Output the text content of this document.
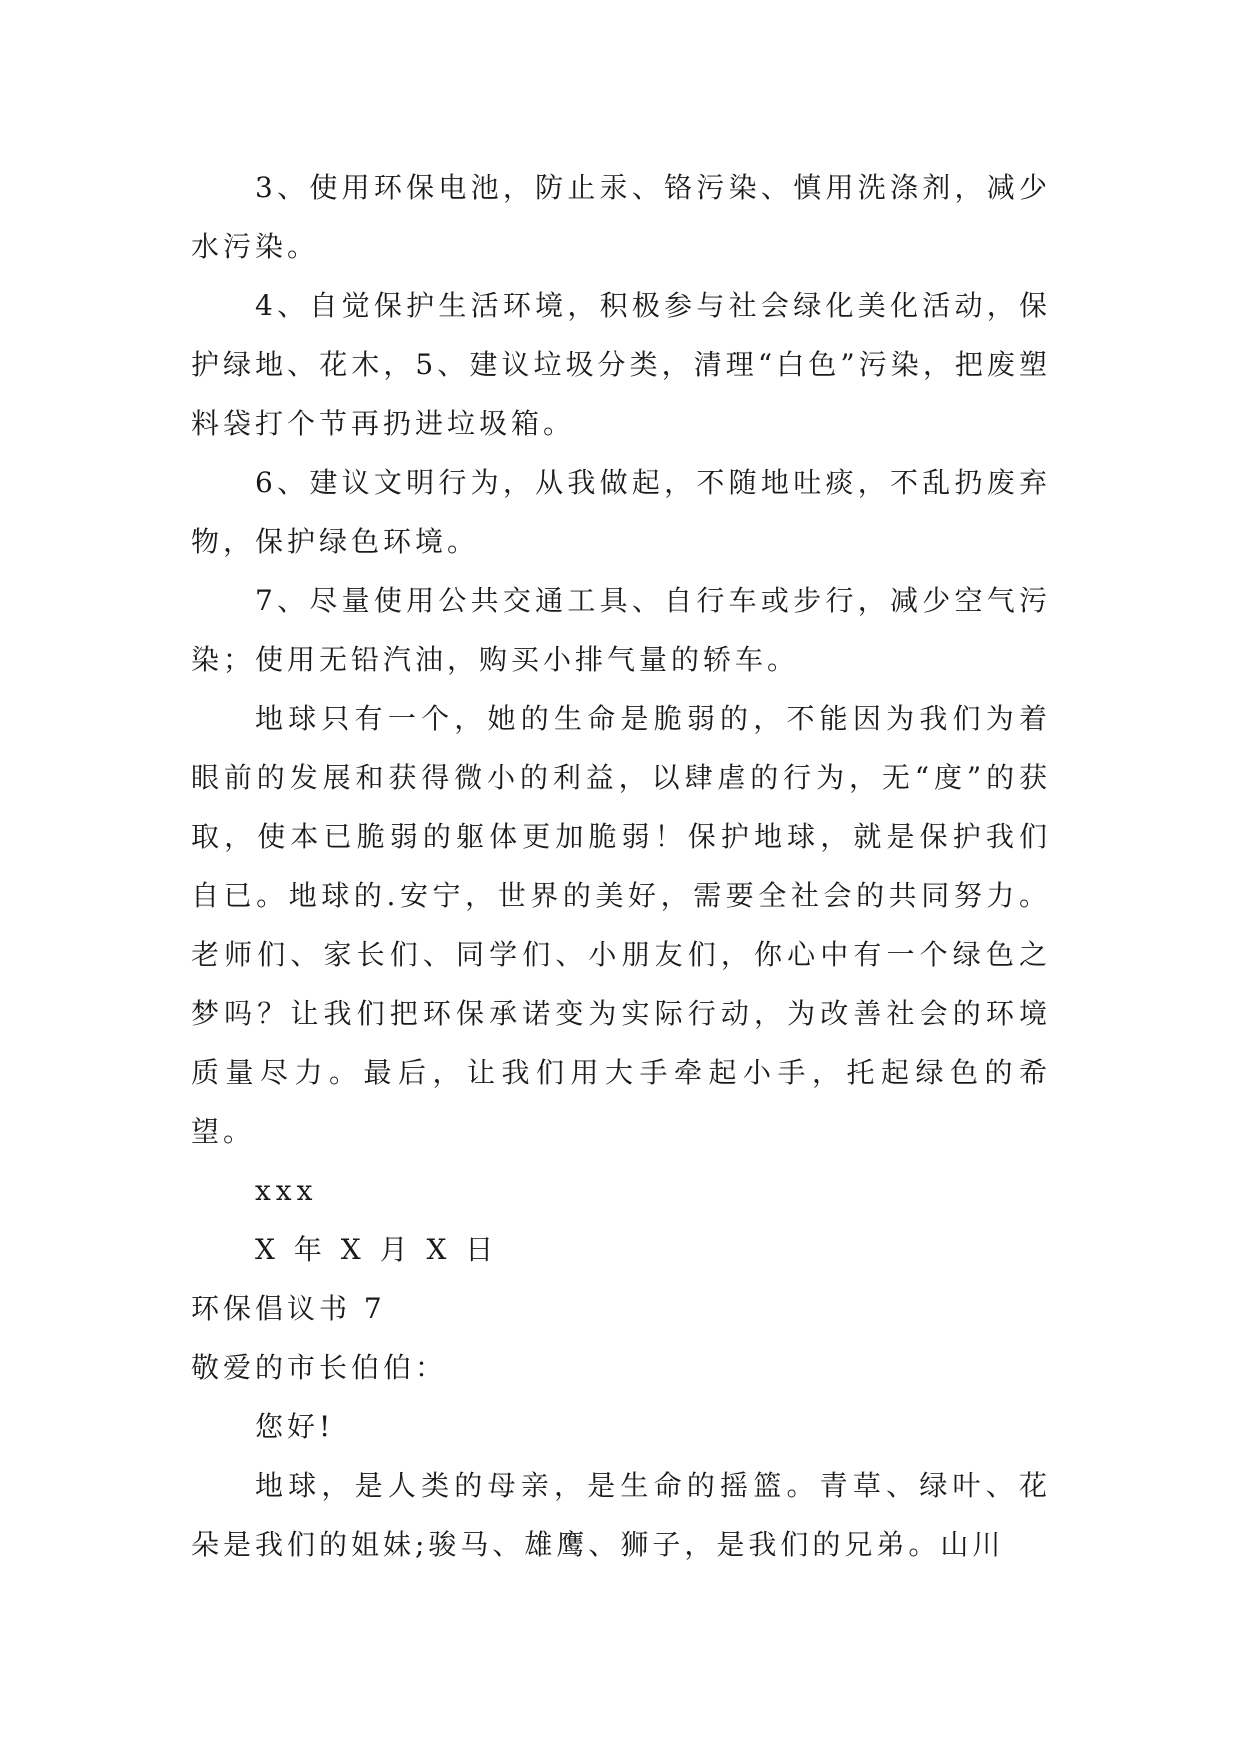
3、使用环保电池，防止汞、铬污染、慎用洗涤剂，减少水污染。

4、自觉保护生活环境，积极参与社会绿化美化活动，保护绿地、花木，5、建议垃圾分类，清理“白色”污染，把废塑料袋打个节再扔进垃圾箱。

6、建议文明行为，从我做起，不随地吐痰，不乱扔废弃物，保护绿色环境。

7、尽量使用公共交通工具、自行车或步行，减少空气污染；使用无铅汽油，购买小排气量的轿车。

地球只有一个，她的生命是脆弱的，不能因为我们为着眼前的发展和获得微小的利益，以肆虐的行为，无“度”的获取，使本已脆弱的躯体更加脆弱！保护地球，就是保护我们自已。地球的.安宁，世界的美好，需要全社会的共同努力。老师们、家长们、同学们、小朋友们，你心中有一个绿色之梦吗？让我们把环保承诺变为实际行动，为改善社会的环境质量尽力。最后，让我们用大手牵起小手，托起绿色的希望。

xxx

X 年 X 月 X 日

环保倡议书 7

敬爱的市长伯伯：

您好!

地球，是人类的母亲，是生命的摇篮。青草、绿叶、花朵是我们的姐妹;骏马、雄鹰、狮子，是我们的兄弟。山川
